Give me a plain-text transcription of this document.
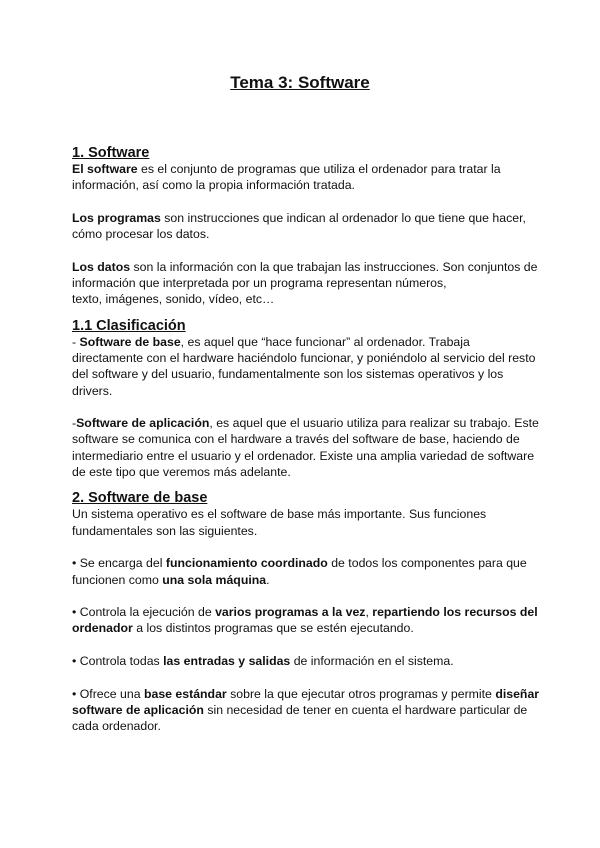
Tema 3: Software
1. Software

El software es el conjunto de programas que utiliza el ordenador para tratar la información, así como la propia información tratada.

Los programas son instrucciones que indican al ordenador lo que tiene que hacer, cómo procesar los datos.

Los datos son la información con la que trabajan las instrucciones. Son conjuntos de información que interpretada por un programa representan números,
texto, imágenes, sonido, vídeo, etc…

1.1 Clasificación

- Software de base, es aquel que “hace funcionar” al ordenador. Trabaja directamente con el hardware haciéndolo funcionar, y poniéndolo al servicio del resto del software y del usuario, fundamentalmente son los sistemas operativos y los drivers.

-Software de aplicación, es aquel que el usuario utiliza para realizar su trabajo. Este software se comunica con el hardware a través del software de base, haciendo de intermediario entre el usuario y el ordenador. Existe una amplia variedad de software de este tipo que veremos más adelante.

2. Software de base

Un sistema operativo es el software de base más importante. Sus funciones fundamentales son las siguientes.

• Se encarga del funcionamiento coordinado de todos los componentes para que funcionen como una sola máquina.

• Controla la ejecución de varios programas a la vez, repartiendo los recursos del ordenador a los distintos programas que se estén ejecutando.

• Controla todas las entradas y salidas de información en el sistema.

• Ofrece una base estándar sobre la que ejecutar otros programas y permite diseñar software de aplicación sin necesidad de tener en cuenta el hardware particular de
cada ordenador.
